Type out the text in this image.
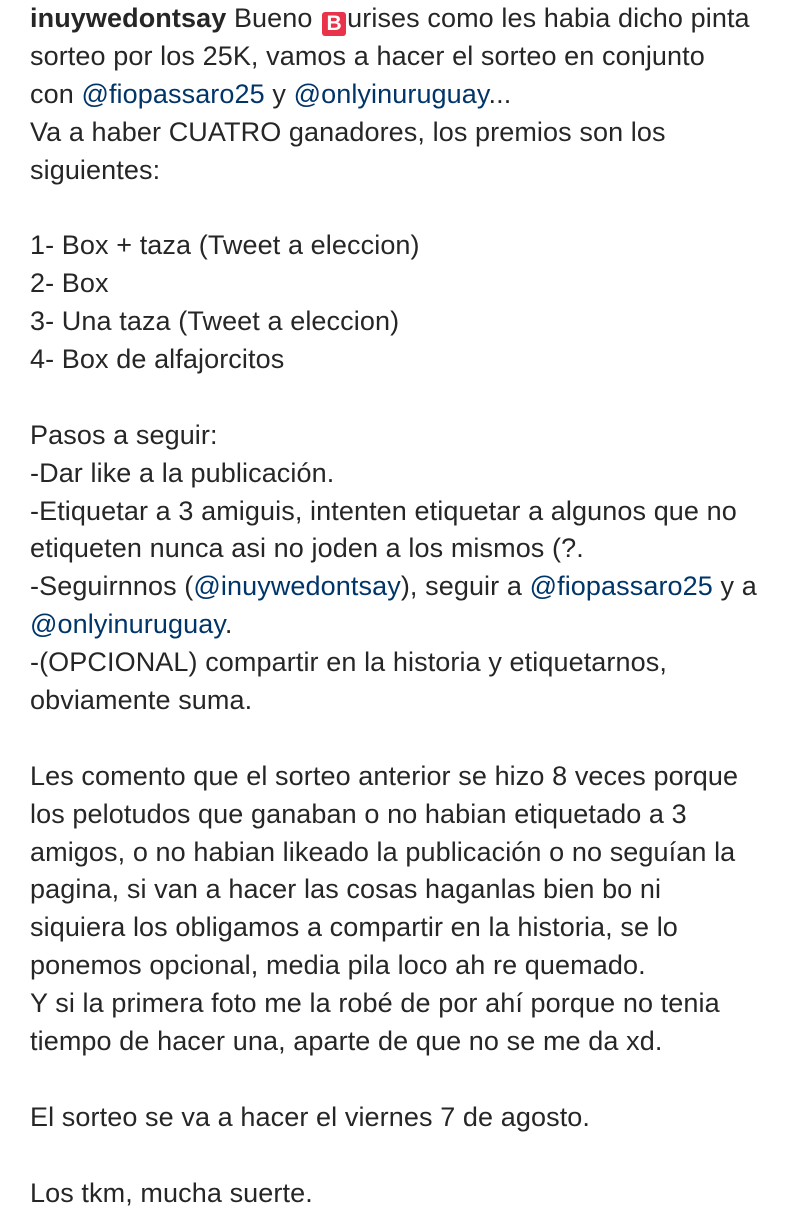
inuywedontsay Bueno B urises como les habia dicho pinta
sorteo por los 25K, vamos a hacer el sorteo en conjunto
con @fiopassaro25 y @onlyinuruguay...
Va a haber CUATRO ganadores, los premios son los
siguientes:
1- Box + taza (Tweet a eleccion)
2- Box
3- Una taza (Tweet a eleccion)
4- Box de alfajorcitos
Pasos a seguir:
-Dar like a la publicación.
-Etiquetar a 3 amiguis, intenten etiquetar a algunos que no
etiqueten nunca asi no joden a los mismos (?.
-Seguirnnos (@inuywedontsay), seguir a @fiopassaro25 y a
@onlyinuruguay.
-(OPCIONAL) compartir en la historia y etiquetarnos,
obviamente suma.
Les comento que el sorteo anterior se hizo 8 veces porque
los pelotudos que ganaban o no habian etiquetado a 3
amigos, o no habian likeado la publicación o no seguían la
pagina, si van a hacer las cosas haganlas bien bo ni
siquiera los obligamos a compartir en la historia, se lo
ponemos opcional, media pila loco ah re quemado.
Y si la primera foto me la robé de por ahí porque no tenia
tiempo de hacer una, aparte de que no se me da xd.
El sorteo se va a hacer el viernes 7 de agosto.
Los tkm, mucha suerte.
